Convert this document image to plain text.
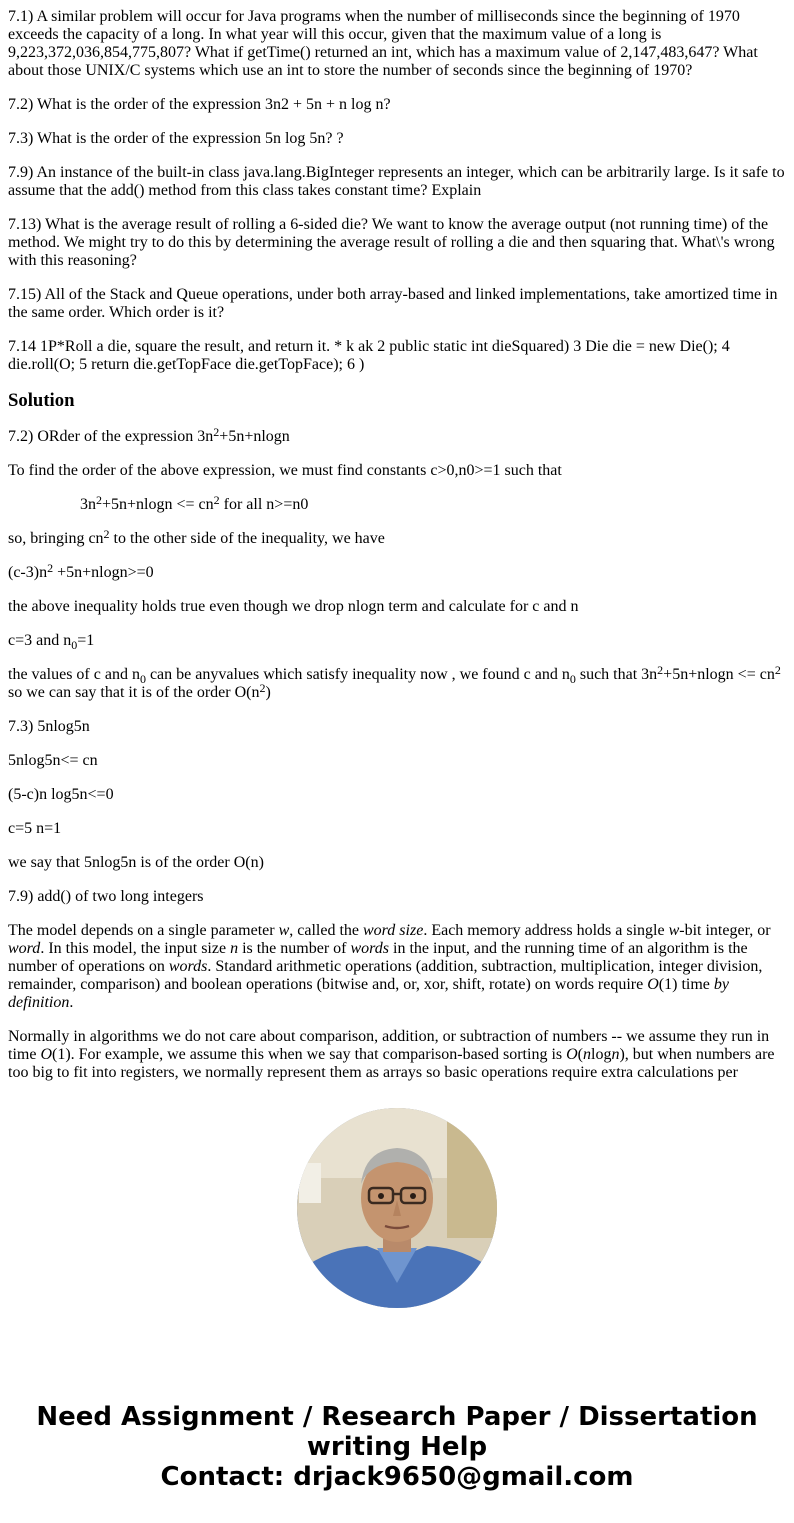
7.1) A similar problem will occur for Java programs when the number of milliseconds since the beginning of 1970 exceeds the capacity of a long. In what year will this occur, given that the maximum value of a long is 9,223,372,036,854,775,807? What if getTime() returned an int, which has a maximum value of 2,147,483,647? What about those UNIX/C systems which use an int to store the number of seconds since the beginning of 1970?

7.2) What is the order of the expression 3n2 + 5n + n log n?

7.3) What is the order of the expression 5n log 5n? ?

7.9) An instance of the built-in class java.lang.BigInteger represents an integer, which can be arbitrarily large. Is it safe to assume that the add() method from this class takes constant time? Explain

7.13) What is the average result of rolling a 6-sided die? We want to know the average output (not running time) of the method. We might try to do this by determining the average result of rolling a die and then squaring that. What\'s wrong with this reasoning?

7.15) All of the Stack and Queue operations, under both array-based and linked implementations, take amortized time in the same order. Which order is it?

7.14 1P*Roll a die, square the result, and return it. * k ak 2 public static int dieSquared) 3 Die die = new Die(); 4 die.roll(O; 5 return die.getTopFace die.getTopFace); 6 )

Solution

7.2) ORder of the expression $3n^2+5n+nlogn$

To find the order of the above expression, we must find constants c>0,n0>=1 such that

$3n^2+5n+nlogn <= cn^2$ for all n>=n0

so, bringing $cn^2$ to the other side of the inequality, we have

$(c-3)n^2 +5n+nlogn>=0$

the above inequality holds true even though we drop nlogn term and calculate for c and n

c=3 and $n_0=1$

the values of c and $n_0$ can be anyvalues which satisfy inequality now , we found c and $n_0$ such that $3n^2+5n+nlogn <= cn^2$ so we can say that it is of the order $O(n^2)$

7.3) 5nlog5n

5nlog5n<= cn

(5-c)n log5n<=0

c=5 n=1

we say that 5nlog5n is of the order O(n)

7.9) add() of two long integers

The model depends on a single parameter w, called the word size. Each memory address holds a single w-bit integer, or word. In this model, the input size n is the number of words in the input, and the running time of an algorithm is the number of operations on words. Standard arithmetic operations (addition, subtraction, multiplication, integer division, remainder, comparison) and boolean operations (bitwise and, or, xor, shift, rotate) on words require O(1) time by definition.

Normally in algorithms we do not care about comparison, addition, or subtraction of numbers -- we assume they run in time O(1). For example, we assume this when we say that comparison-based sorting is O(nlogn), but when numbers are too big to fit into registers, we normally represent them as arrays so basic operations require extra calculations per

Need Assignment / Research Paper / Dissertation
writing Help
Contact: drjack9650@gmail.com
